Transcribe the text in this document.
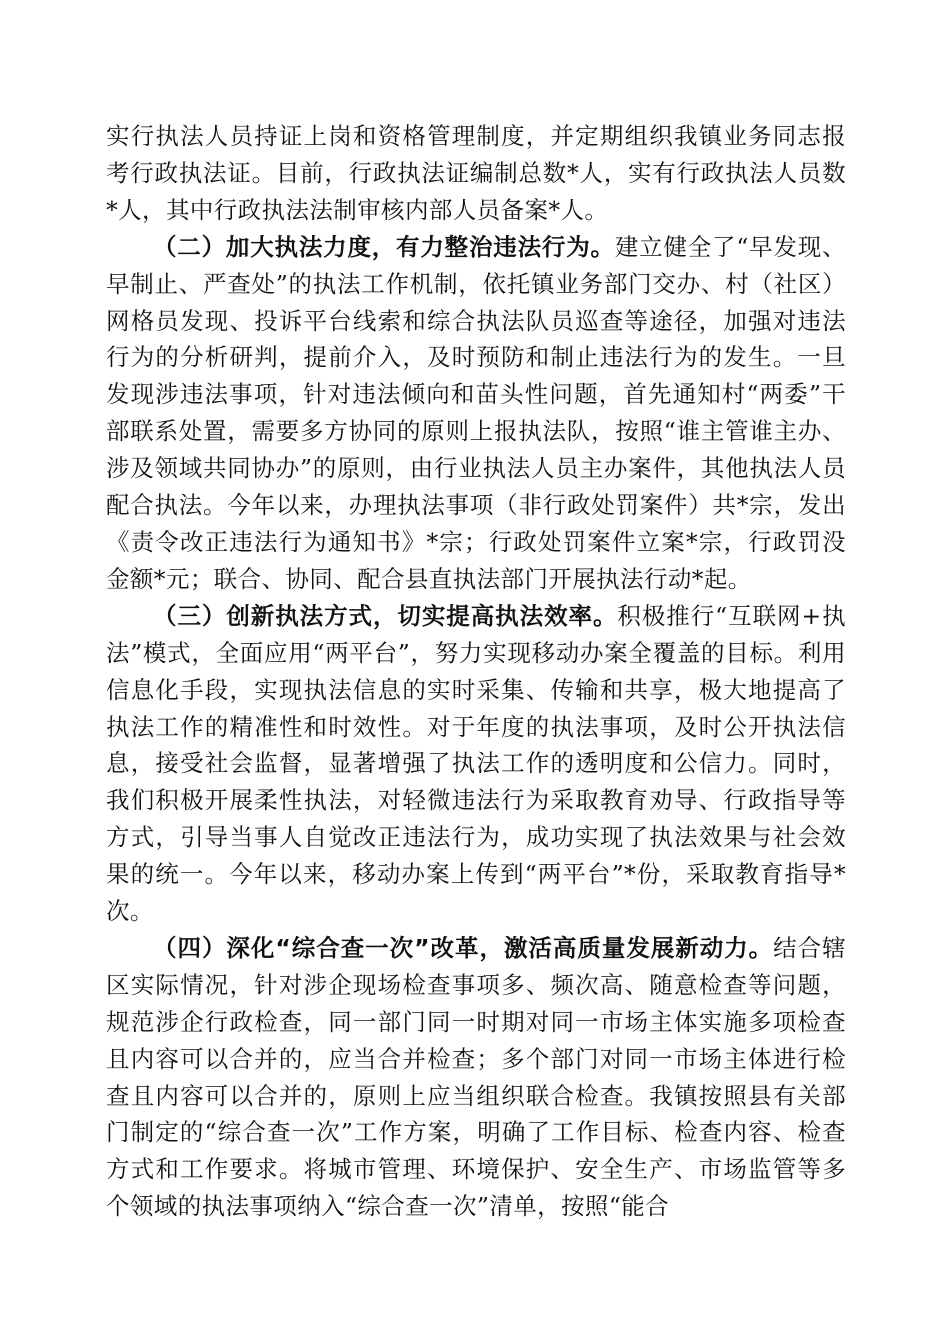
实行执法人员持证上岗和资格管理制度，并定期组织我镇业务同志报考行政执法证。目前，行政执法证编制总数*人，实有行政执法人员数*人，其中行政执法法制审核内部人员备案*人。

（二）加大执法力度，有力整治违法行为。建立健全了“早发现、早制止、严查处”的执法工作机制，依托镇业务部门交办、村（社区）网格员发现、投诉平台线索和综合执法队员巡查等途径，加强对违法行为的分析研判，提前介入，及时预防和制止违法行为的发生。一旦发现涉违法事项，针对违法倾向和苗头性问题，首先通知村“两委”干部联系处置，需要多方协同的原则上报执法队，按照“谁主管谁主办、涉及领域共同协办”的原则，由行业执法人员主办案件，其他执法人员配合执法。今年以来，办理执法事项（非行政处罚案件）共*宗，发出《责令改正违法行为通知书》*宗；行政处罚案件立案*宗，行政罚没金额*元；联合、协同、配合县直执法部门开展执法行动*起。

（三）创新执法方式，切实提高执法效率。积极推行“互联网+执法”模式，全面应用“两平台”，努力实现移动办案全覆盖的目标。利用信息化手段，实现执法信息的实时采集、传输和共享，极大地提高了执法工作的精准性和时效性。对于年度的执法事项，及时公开执法信息，接受社会监督，显著增强了执法工作的透明度和公信力。同时，我们积极开展柔性执法，对轻微违法行为采取教育劝导、行政指导等方式，引导当事人自觉改正违法行为，成功实现了执法效果与社会效果的统一。今年以来，移动办案上传到“两平台”*份，采取教育指导*次。

（四）深化“综合查一次”改革，激活高质量发展新动力。结合辖区实际情况，针对涉企现场检查事项多、频次高、随意检查等问题，规范涉企行政检查，同一部门同一时期对同一市场主体实施多项检查且内容可以合并的，应当合并检查；多个部门对同一市场主体进行检查且内容可以合并的，原则上应当组织联合检查。我镇按照县有关部门制定的“综合查一次”工作方案，明确了工作目标、检查内容、检查方式和工作要求。将城市管理、环境保护、安全生产、市场监管等多个领域的执法事项纳入“综合查一次”清单，按照“能合
